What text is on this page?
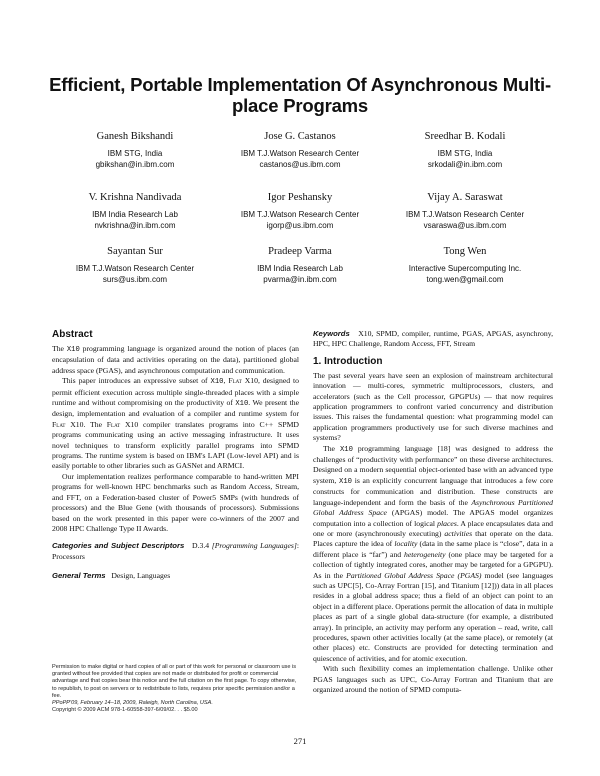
Efficient, Portable Implementation Of Asynchronous Multi-place Programs
Ganesh Bikshandi
IBM STG, India
gbikshan@in.ibm.com
Jose G. Castanos
IBM T.J.Watson Research Center
castanos@us.ibm.com
Sreedhar B. Kodali
IBM STG, India
srkodali@in.ibm.com
V. Krishna Nandivada
IBM India Research Lab
nvkrishna@in.ibm.com
Igor Peshansky
IBM T.J.Watson Research Center
igorp@us.ibm.com
Vijay A. Saraswat
IBM T.J.Watson Research Center
vsaraswa@us.ibm.com
Sayantan Sur
IBM T.J.Watson Research Center
surs@us.ibm.com
Pradeep Varma
IBM India Research Lab
pvarma@in.ibm.com
Tong Wen
Interactive Supercomputing Inc.
tong.wen@gmail.com
Abstract

The X10 programming language is organized around the notion of places (an encapsulation of data and activities operating on the data), partitioned global address space (PGAS), and asynchronous computation and communication.

This paper introduces an expressive subset of X10, Flat X10, designed to permit efficient execution across multiple single-threaded places with a simple runtime and without compromising on the productivity of X10. We present the design, implementation and evaluation of a compiler and runtime system for Flat X10. The Flat X10 compiler translates programs into C++ SPMD programs communicating using an active messaging infrastructure. It uses novel techniques to transform explicitly parallel programs into SPMD programs. The runtime system is based on IBM's LAPI (Low-level API) and is easily portable to other libraries such as GASNet and ARMCI.

Our implementation realizes performance comparable to hand-written MPI programs for well-known HPC benchmarks such as Random Access, Stream, and FFT, on a Federation-based cluster of Power5 SMPs (with hundreds of processors) and the Blue Gene (with thousands of processors). Submissions based on the work presented in this paper were co-winners of the 2007 and 2008 HPC Challenge Type II Awards.

Categories and Subject Descriptors D.3.4 [Programming Languages]: Processors

General Terms Design, Languages

Keywords X10, SPMD, compiler, runtime, PGAS, APGAS, asynchrony, HPC, HPC Challenge, Random Access, FFT, Stream

1. Introduction

The past several years have seen an explosion of mainstream architectural innovation — multi-cores, symmetric multiprocessors, clusters, and accelerators (such as the Cell processor, GPGPUs) — that now requires application programmers to confront varied concurrency and distribution issues. This raises the fundamental question: what programming model can application programmers productively use for such diverse machines and systems?

The X10 programming language [18] was designed to address the challenges of “productivity with performance” on these diverse architectures. Designed on a modern sequential object-oriented base with an advanced type system, X10 is an explicitly concurrent language that introduces a few core constructs for communication and distribution. These constructs are language-independent and form the basis of the Asynchronous Partitioned Global Address Space (APGAS) model. The APGAS model organizes computation into a collection of logical places. A place encapsulates data and one or more (asynchronously executing) activities that operate on the data. Places capture the idea of locality (data in the same place is “close”, data in a different place is “far”) and heterogeneity (one place may be targeted for a collection of tightly integrated cores, another may be targeted for a GPGPU). As in the Partitioned Global Address Space (PGAS) model (see languages such as UPC[5], Co-Array Fortran [15], and Titanium [12])) data in all places resides in a global address space; thus a field of an object can point to an object in a different place. Operations permit the allocation of data in multiple places as part of a single global data-structure (for example, a distributed array). In principle, an activity may perform any operation – read, write, call procedures, spawn other activities locally (at the same place), or remotely (at other places) etc. Constructs are provided for detecting termination and quiescence of activities, and for atomic execution.

With such flexibility comes an implementation challenge. Unlike other PGAS languages such as UPC, Co-Array Fortran and Titanium that are organized around the notion of SPMD computa-

Permission to make digital or hard copies of all or part of this work for personal or classroom use is granted without fee provided that copies are not made or distributed for profit or commercial advantage and that copies bear this notice and the full citation on the first page. To copy otherwise, to republish, to post on servers or to redistribute to lists, requires prior specific permission and/or a fee.
PPoPP'09, February 14–18, 2009, Raleigh, North Carolina, USA.
Copyright © 2009 ACM 978-1-60558-397-6/09/02. . . $5.00
271
